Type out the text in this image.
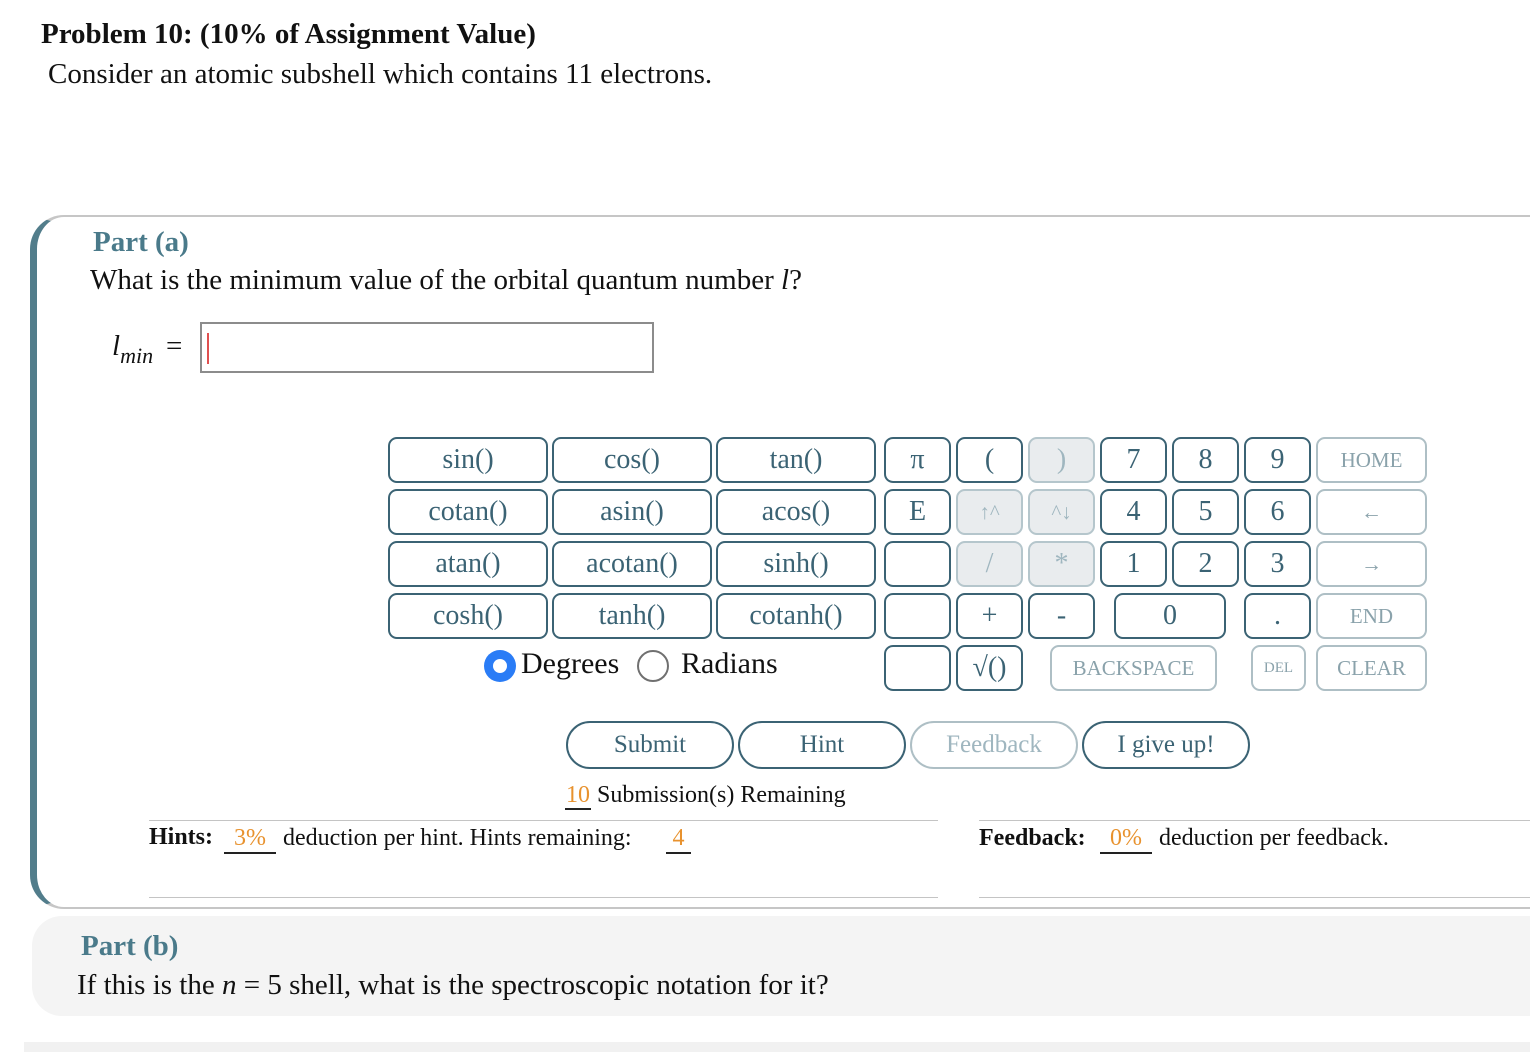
Problem 10: (10% of Assignment Value)
Consider an atomic subshell which contains 11 electrons.
Part (a)
What is the minimum value of the orbital quantum number l?
$l_{min}$ =
sin()	cos()	tan()
cotan()	asin()	acos()
atan()	acotan()	sinh()
cosh()	tanh()	cotanh()
π
E
(	)
↑^	^↓
/	*
+	-
√()
7	8	9
4	5	6
1	2	3
0	.
HOME
←
→
END
BACKSPACE	DEL	CLEAR
Degrees Radians
Submit	Hint	Feedback	I give up!
10 Submission(s) Remaining
Hints: 3% deduction per hint. Hints remaining: 4	Feedback:	0% deduction per feedback.
Part (b)
If this is the n = 5 shell, what is the spectroscopic notation for it?
